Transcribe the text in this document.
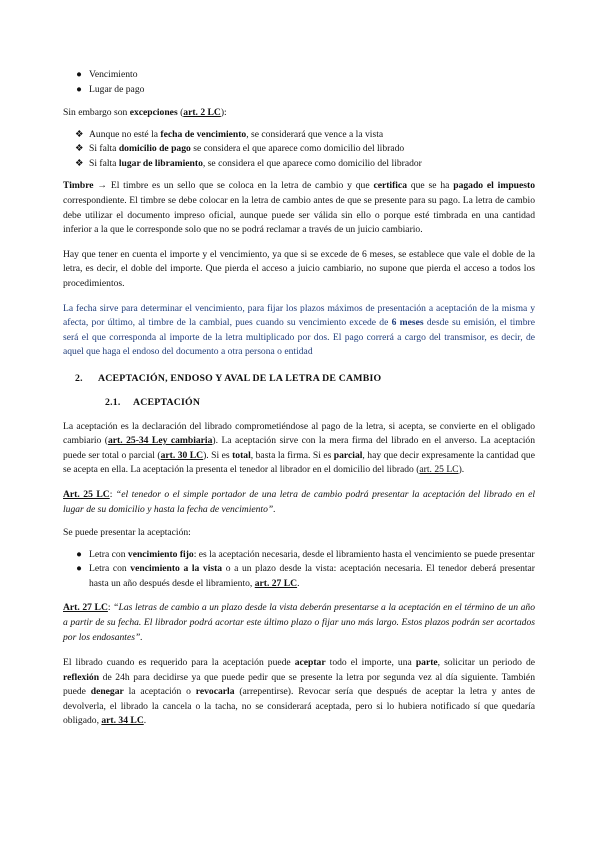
● Vencimiento
● Lugar de pago

Sin embargo son excepciones (art. 2 LC):

❖ Aunque no esté la fecha de vencimiento, se considerará que vence a la vista
❖ Si falta domicilio de pago se considera el que aparece como domicilio del librado
❖ Si falta lugar de libramiento, se considera el que aparece como domicilio del librador

Timbre → El timbre es un sello que se coloca en la letra de cambio y que certifica que se ha pagado el impuesto correspondiente. El timbre se debe colocar en la letra de cambio antes de que se presente para su pago. La letra de cambio debe utilizar el documento impreso oficial, aunque puede ser válida sin ello o porque esté timbrada en una cantidad inferior a la que le corresponde solo que no se podrá reclamar a través de un juicio cambiario.

Hay que tener en cuenta el importe y el vencimiento, ya que si se excede de 6 meses, se establece que vale el doble de la letra, es decir, el doble del importe. Que pierda el acceso a juicio cambiario, no supone que pierda el acceso a todos los procedimientos.

La fecha sirve para determinar el vencimiento, para fijar los plazos máximos de presentación a aceptación de la misma y afecta, por último, al timbre de la cambial, pues cuando su vencimiento excede de 6 meses desde su emisión, el timbre será el que corresponda al importe de la letra multiplicado por dos. El pago correrá a cargo del transmisor, es decir, de aquel que haga el endoso del documento a otra persona o entidad

2. ACEPTACIÓN, ENDOSO Y AVAL DE LA LETRA DE CAMBIO
2.1. ACEPTACIÓN

La aceptación es la declaración del librado comprometiéndose al pago de la letra, si acepta, se convierte en el obligado cambiario (art. 25-34 Ley cambiaria). La aceptación sirve con la mera firma del librado en el anverso. La aceptación puede ser total o parcial (art. 30 LC). Si es total, basta la firma. Si es parcial, hay que decir expresamente la cantidad que se acepta en ella. La aceptación la presenta el tenedor al librador en el domicilio del librado (art. 25 LC).

Art. 25 LC: “el tenedor o el simple portador de una letra de cambio podrá presentar la aceptación del librado en el lugar de su domicilio y hasta la fecha de vencimiento”.

Se puede presentar la aceptación:

● Letra con vencimiento fijo: es la aceptación necesaria, desde el libramiento hasta el vencimiento se puede presentar
● Letra con vencimiento a la vista o a un plazo desde la vista: aceptación necesaria. El tenedor deberá presentar hasta un año después desde el libramiento, art. 27 LC.

Art. 27 LC: “Las letras de cambio a un plazo desde la vista deberán presentarse a la aceptación en el término de un año a partir de su fecha. El librador podrá acortar este último plazo o fijar uno más largo. Estos plazos podrán ser acortados por los endosantes”.

El librado cuando es requerido para la aceptación puede aceptar todo el importe, una parte, solicitar un periodo de reflexión de 24h para decidirse ya que puede pedir que se presente la letra por segunda vez al día siguiente. También puede denegar la aceptación o revocarla (arrepentirse). Revocar sería que después de aceptar la letra y antes de devolverla, el librado la cancela o la tacha, no se considerará aceptada, pero si lo hubiera notificado sí que quedaría obligado, art. 34 LC.
